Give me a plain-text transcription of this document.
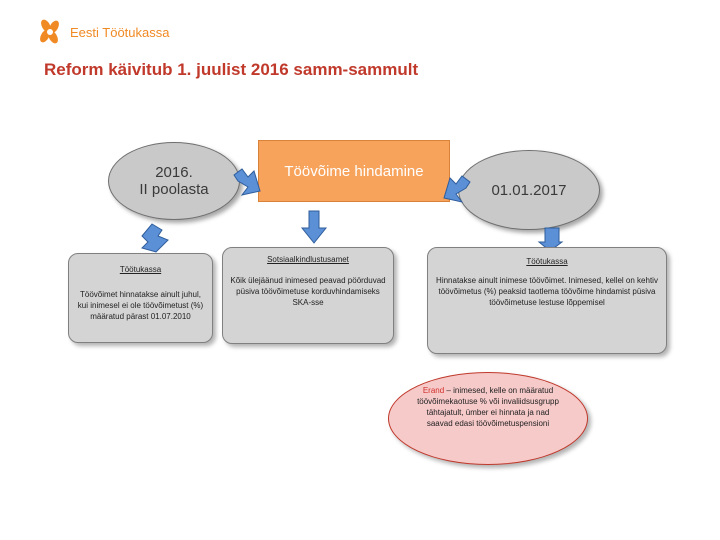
Eesti Töötukassa
Reform käivitub 1. juulist 2016 samm-sammult
2016.
II poolasta
Töövõime hindamine
01.01.2017
Töötukassa
Töövõimet hinnatakse ainult juhul, kui inimesel ei ole töövõimetust (%) määratud pärast 01.07.2010
Sotsiaalkindlustusamet
Kõik ülejäänud inimesed peavad pöörduvad püsiva töövõimetuse korduvhindamiseks SKA-sse
Töötukassa
Hinnatakse ainult inimese töövõimet. Inimesed, kellel on kehtiv töövõimetus (%) peaksid taotlema töövõime hindamist püsiva töövõimetuse lestuse lõppemisel
Erand – inimesed, kelle on määratud töövõimekaotuse % või invaliidsusgrupp tähtajatult, ümber ei hinnata ja nad saavad edasi töövõimetuspensioni
